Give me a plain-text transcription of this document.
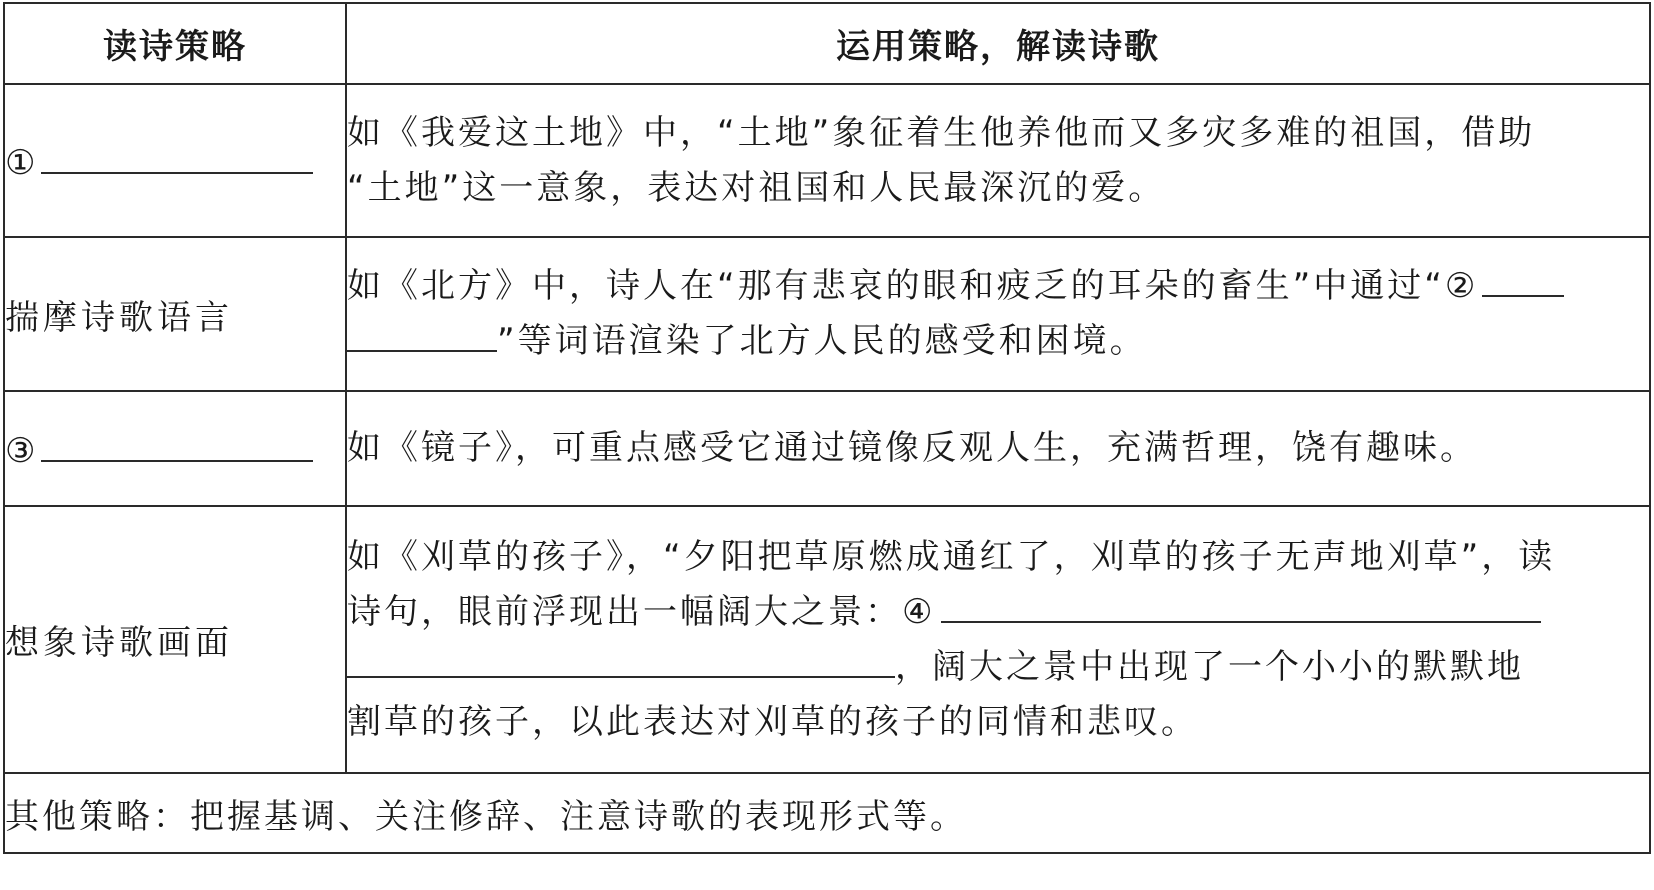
读诗策略	运用策略，解读诗歌
①	如《我爱这土地》中，“土地”象征着生他养他而又多灾多难的祖国，借助
“土地”这一意象，表达对祖国和人民最深沉的爱。

揣摩诗歌语言	如《北方》中，诗人在“那有悲哀的眼和疲乏的耳朵的畜生”中通过“②
”等词语渲染了北方人民的感受和困境。

③	如《镜子》，可重点感受它通过镜像反观人生，充满哲理，饶有趣味。

想象诗歌画面	如《刈草的孩子》，“夕阳把草原燃成通红了，刈草的孩子无声地刈草”，读
诗句，眼前浮现出一幅阔大之景：④
，阔大之景中出现了一个小小的默默地
割草的孩子，以此表达对刈草的孩子的同情和悲叹。

其他策略：把握基调、关注修辞、注意诗歌的表现形式等。	
